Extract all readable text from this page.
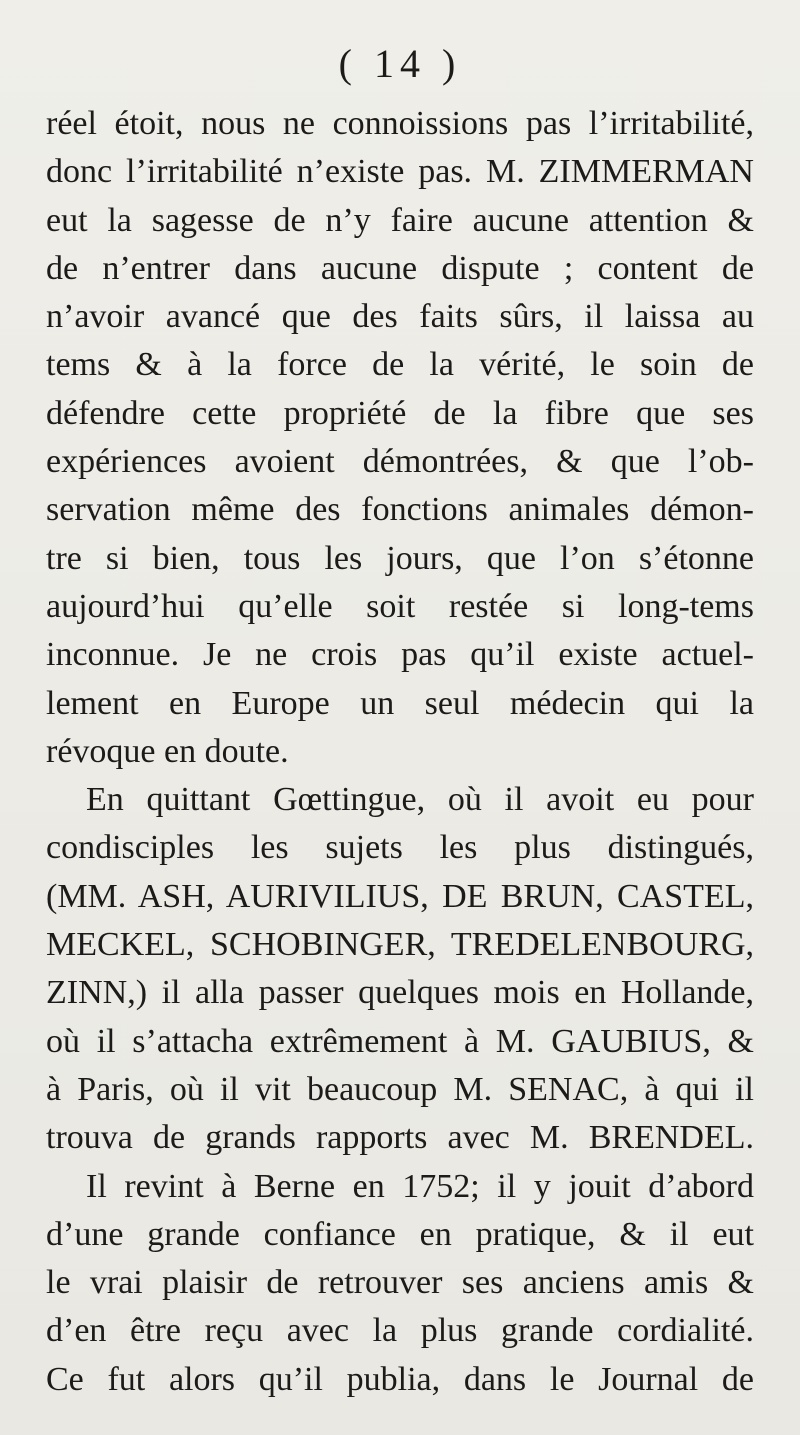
( 14 )
réel étoit, nous ne connoissions pas l’irritabilité,
donc l’irritabilité n’existe pas. M. ZIMMERMAN
eut la sagesse de n’y faire aucune attention &
de n’entrer dans aucune dispute ; content de
n’avoir avancé que des faits sûrs, il laissa au
tems & à la force de la vérité, le soin de
défendre cette propriété de la fibre que ses
expériences avoient démontrées, & que l’ob-
servation même des fonctions animales démon-
tre si bien, tous les jours, que l’on s’étonne
aujourd’hui qu’elle soit restée si long-tems
inconnue. Je ne crois pas qu’il existe actuel-
lement en Europe un seul médecin qui la
révoque en doute.
En quittant Gœttingue, où il avoit eu pour
condisciples les sujets les plus distingués,
(MM. ASH, AURIVILIUS, DE BRUN, CASTEL,
MECKEL, SCHOBINGER, TREDELENBOURG,
ZINN,) il alla passer quelques mois en Hollande,
où il s’attacha extrêmement à M. GAUBIUS, &
à Paris, où il vit beaucoup M. SENAC, à qui il
trouva de grands rapports avec M. BRENDEL.
Il revint à Berne en 1752; il y jouit d’abord
d’une grande confiance en pratique, & il eut
le vrai plaisir de retrouver ses anciens amis &
d’en être reçu avec la plus grande cordialité.
Ce fut alors qu’il publia, dans le Journal de
